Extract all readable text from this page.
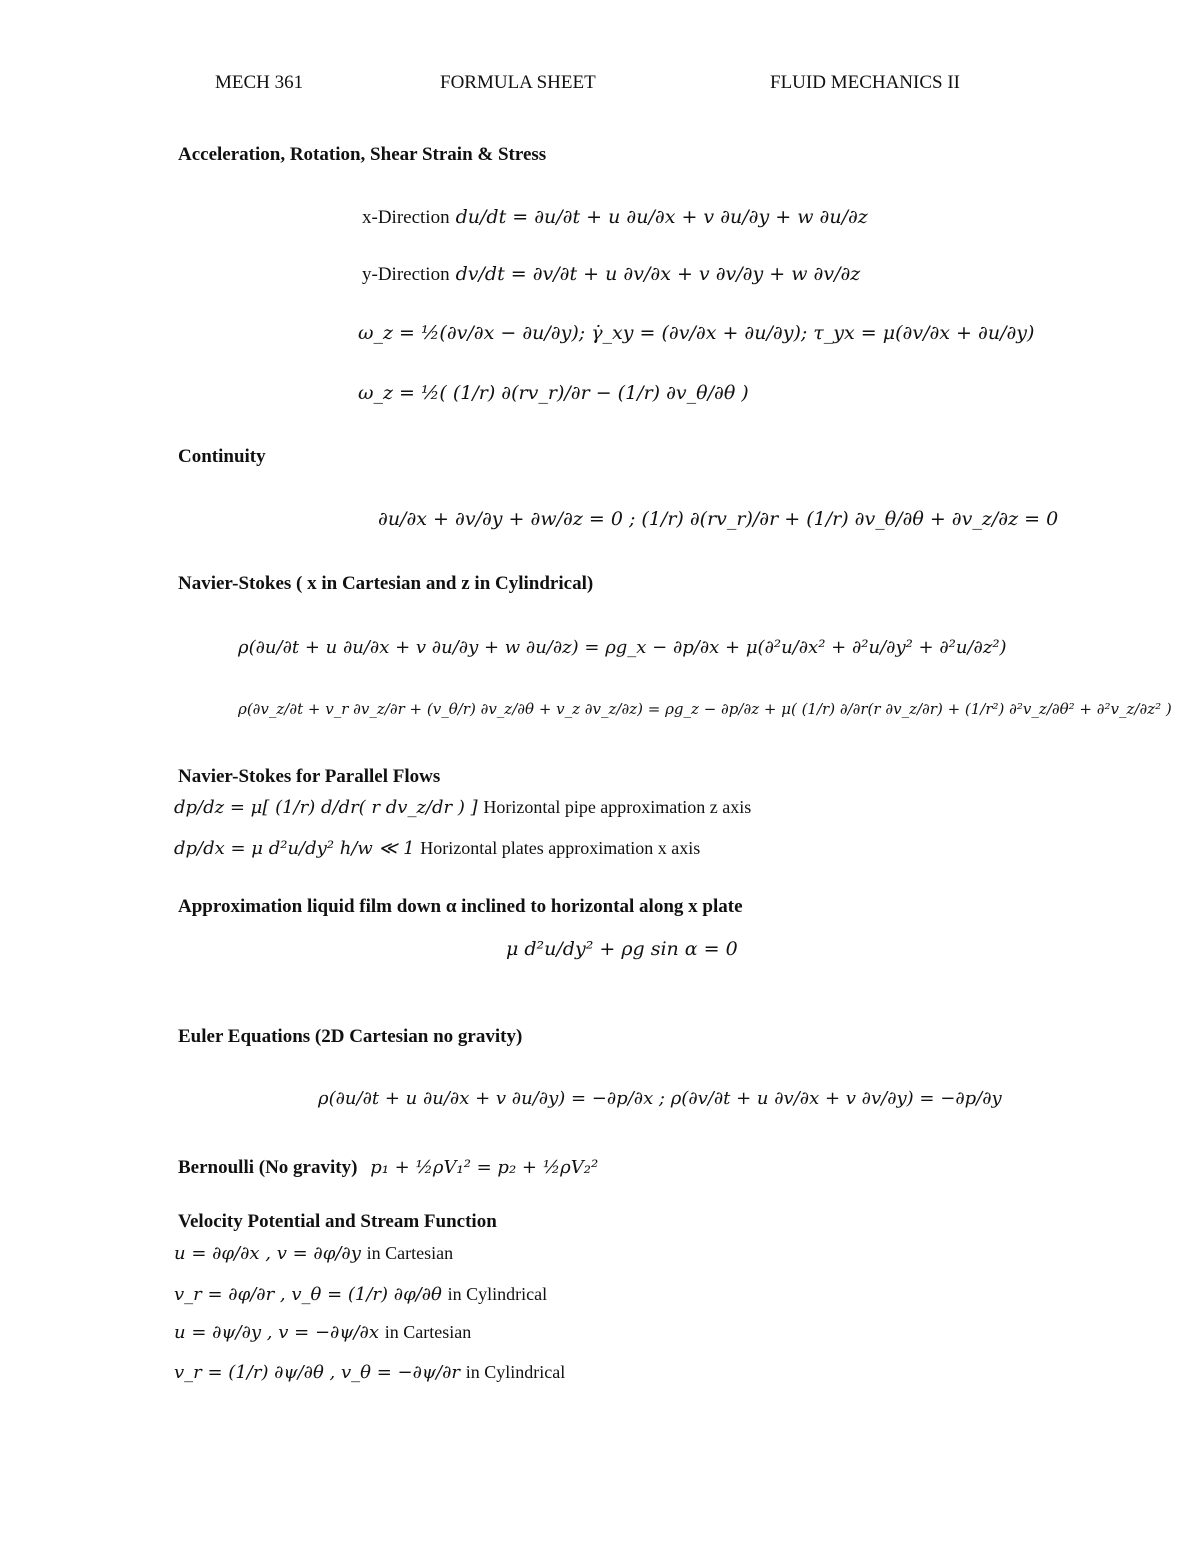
MECH 361	FORMULA SHEET	FLUID MECHANICS II
Acceleration, Rotation, Shear Strain & Stress
x-Direction du/dt = ∂u/∂t + u ∂u/∂x + v ∂u/∂y + w ∂u/∂z
y-Direction dv/dt = ∂v/∂t + u ∂v/∂x + v ∂v/∂y + w ∂v/∂z
ω_z = ½(∂v/∂x − ∂u/∂y); γ̇_xy = (∂v/∂x + ∂u/∂y); τ_yx = μ(∂v/∂x + ∂u/∂y)
ω_z = ½( (1/r) ∂(rv_r)/∂r − (1/r) ∂v_θ/∂θ )
Continuity
∂u/∂x + ∂v/∂y + ∂w/∂z = 0 ; (1/r) ∂(rv_r)/∂r + (1/r) ∂v_θ/∂θ + ∂v_z/∂z = 0
Navier-Stokes ( x in Cartesian and z in Cylindrical)
ρ(∂u/∂t + u ∂u/∂x + v ∂u/∂y + w ∂u/∂z) = ρg_x − ∂p/∂x + μ(∂²u/∂x² + ∂²u/∂y² + ∂²u/∂z²)
ρ(∂v_z/∂t + v_r ∂v_z/∂r + (v_θ/r) ∂v_z/∂θ + v_z ∂v_z/∂z) = ρg_z − ∂p/∂z + μ( (1/r) ∂/∂r(r ∂v_z/∂r) + (1/r²) ∂²v_z/∂θ² + ∂²v_z/∂z² )
Navier-Stokes for Parallel Flows
dp/dz = μ[ (1/r) d/dr( r dv_z/dr ) ] Horizontal pipe approximation z axis
dp/dx = μ d²u/dy² h/w ≪ 1 Horizontal plates approximation x axis
Approximation liquid film down α inclined to horizontal along x plate
μ d²u/dy² + ρg sin α = 0
Euler Equations (2D Cartesian no gravity)
ρ(∂u/∂t + u ∂u/∂x + v ∂u/∂y) = −∂p/∂x ; ρ(∂v/∂t + u ∂v/∂x + v ∂v/∂y) = −∂p/∂y
Bernoulli (No gravity) p₁ + ½ρV₁² = p₂ + ½ρV₂²
Velocity Potential and Stream Function
u = ∂φ/∂x , v = ∂φ/∂y in Cartesian
v_r = ∂φ/∂r , v_θ = (1/r) ∂φ/∂θ in Cylindrical
u = ∂ψ/∂y , v = −∂ψ/∂x in Cartesian
v_r = (1/r) ∂ψ/∂θ , v_θ = −∂ψ/∂r in Cylindrical
